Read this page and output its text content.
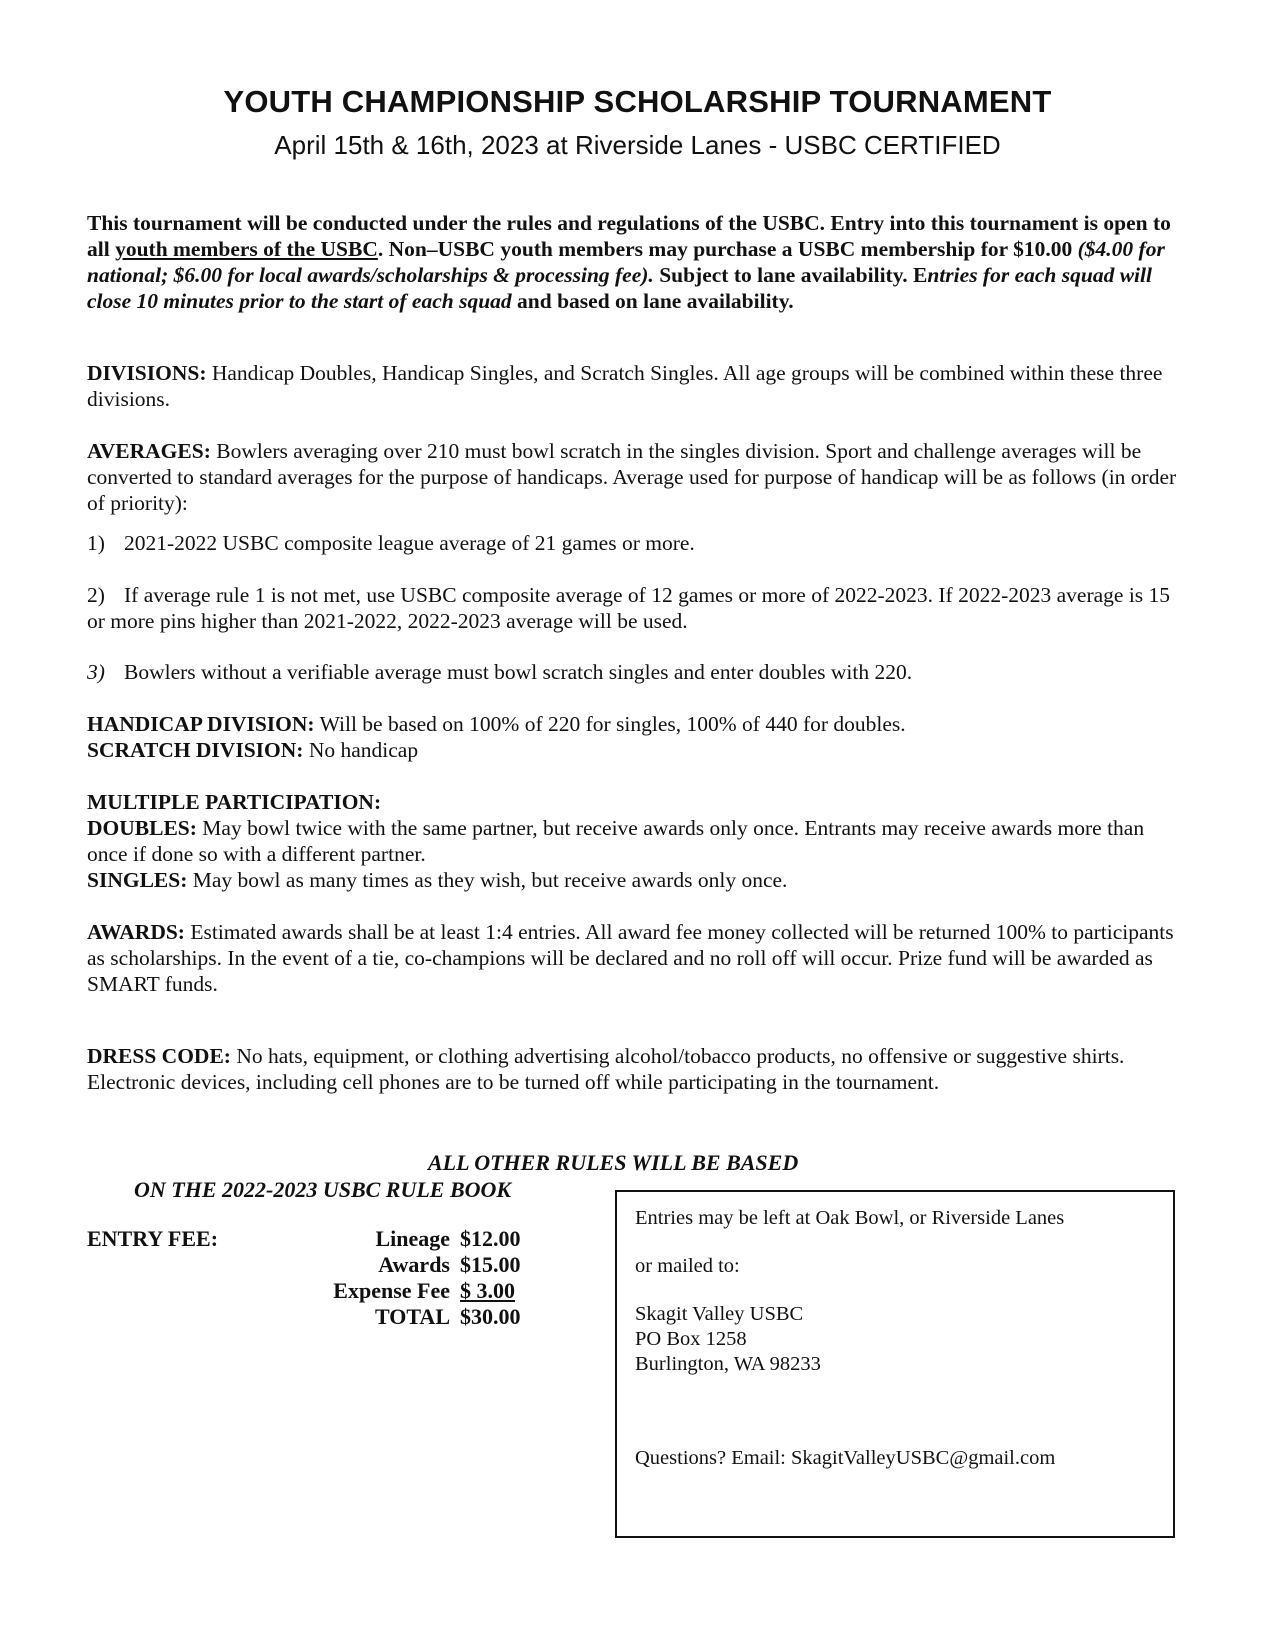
YOUTH CHAMPIONSHIP SCHOLARSHIP TOURNAMENT
April 15th & 16th, 2023 at Riverside Lanes - USBC CERTIFIED
This tournament will be conducted under the rules and regulations of the USBC. Entry into this tournament is open to all youth members of the USBC. Non–USBC youth members may purchase a USBC membership for $10.00 ($4.00 for national; $6.00 for local awards/scholarships & processing fee). Subject to lane availability. Entries for each squad will close 10 minutes prior to the start of each squad and based on lane availability.
DIVISIONS: Handicap Doubles, Handicap Singles, and Scratch Singles. All age groups will be combined within these three divisions.
AVERAGES: Bowlers averaging over 210 must bowl scratch in the singles division. Sport and challenge averages will be converted to standard averages for the purpose of handicaps. Average used for purpose of handicap will be as follows (in order of priority):
1) 2021-2022 USBC composite league average of 21 games or more.
2) If average rule 1 is not met, use USBC composite average of 12 games or more of 2022-2023. If 2022-2023 average is 15 or more pins higher than 2021-2022, 2022-2023 average will be used.
3) Bowlers without a verifiable average must bowl scratch singles and enter doubles with 220.
HANDICAP DIVISION: Will be based on 100% of 220 for singles, 100% of 440 for doubles.
SCRATCH DIVISION: No handicap
MULTIPLE PARTICIPATION:
DOUBLES: May bowl twice with the same partner, but receive awards only once. Entrants may receive awards more than once if done so with a different partner.
SINGLES: May bowl as many times as they wish, but receive awards only once.
AWARDS: Estimated awards shall be at least 1:4 entries. All award fee money collected will be returned 100% to participants as scholarships. In the event of a tie, co-champions will be declared and no roll off will occur. Prize fund will be awarded as SMART funds.
DRESS CODE: No hats, equipment, or clothing advertising alcohol/tobacco products, no offensive or suggestive shirts. Electronic devices, including cell phones are to be turned off while participating in the tournament.
ALL OTHER RULES WILL BE BASED
ON THE 2022-2023 USBC RULE BOOK
ENTRY FEE:	Lineage $12.00
Awards $15.00
Expense Fee $ 3.00
TOTAL $30.00
Entries may be left at Oak Bowl, or Riverside Lanes
or mailed to:
Skagit Valley USBC
PO Box 1258
Burlington, WA 98233
Questions? Email: SkagitValleyUSBC@gmail.com
